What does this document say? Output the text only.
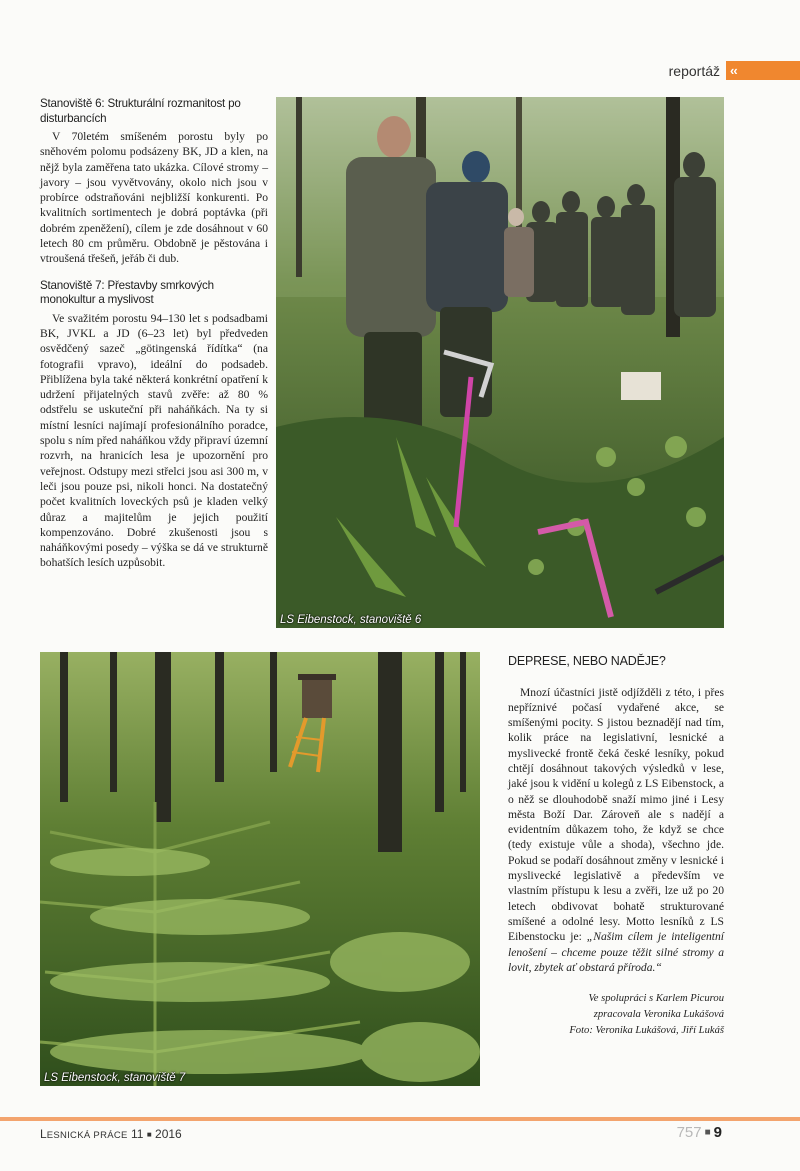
reportáž ‹‹
Stanoviště 6: Strukturální rozmanitost po disturbancích

V 70letém smíšeném porostu byly po sněhovém polomu podsázeny BK, JD a klen, na nějž byla zaměřena tato ukázka. Cílové stromy – javory – jsou vyvětvovány, okolo nich jsou v probírce odstraňováni nejbližší konkurenti. Po kvalitních sortimentech je dobrá poptávka (při dobrém zpeněžení), cílem je zde dosáhnout v 60 letech 80 cm průměru. Obdobně je pěstována i vtroušená třešeň, jeřáb či dub.

Stanoviště 7: Přestavby smrkových monokultur a myslivost

Ve svažitém porostu 94–130 let s podsadbami BK, JVKL a JD (6–23 let) byl předveden osvědčený sazeč „götingenská řídítka“ (na fotografii vpravo), ideální do podsadeb. Přiblížena byla také některá konkrétní opatření k udržení přijatelných stavů zvěře: až 80 % odstřelu se uskuteční při naháňkách. Na ty si místní lesníci najímají profesionálního poradce, spolu s ním před naháňkou vždy připraví územní rozvrh, na hranicích lesa je upozornění pro veřejnost. Odstupy mezi střelci jsou asi 300 m, v leči jsou pouze psi, nikoli honci. Na dostatečný počet kvalitních loveckých psů je kladen velký důraz a majitelům je jejich použití kompenzováno. Dobré zkušenosti jsou s naháňkovými posedy – výška se dá ve strukturně bohatších lesích uzpůsobit.

LS Eibenstock, stanoviště 6
LS Eibenstock, stanoviště 7
DEPRESE, NEBO NADĚJE?

Mnozí účastníci jistě odjížděli z této, i přes nepříznivé počasí vydařené akce, se smíšenými pocity. S jistou beznadějí nad tím, kolik práce na legislativní, lesnické a myslivecké frontě čeká české lesníky, pokud chtějí dosáhnout takových výsledků v lese, jaké jsou k vidění u kolegů z LS Eibenstock, a o něž se dlouhodobě snaží mimo jiné i Lesy města Boží Dar. Zároveň ale s nadějí a evidentním důkazem toho, že když se chce (tedy existuje vůle a shoda), všechno jde. Pokud se podaří dosáhnout změny v lesnické i myslivecké legislativě a především ve vlastním přístupu k lesu a zvěři, lze už po 20 letech obdivovat bohatě strukturované smíšené a odolné lesy. Motto lesníků z LS Eibenstocku je: „Našim cílem je inteligentní lenošení – chceme pouze těžit silné stromy a lovit, zbytek ať obstará příroda.“

Ve spolupráci s Karlem Picurou
zpracovala Veronika Lukášová
Foto: Veronika Lukášová, Jiří Lukáš
LESNICKÁ PRÁCE 11 ■ 2016	757 ■ 9
